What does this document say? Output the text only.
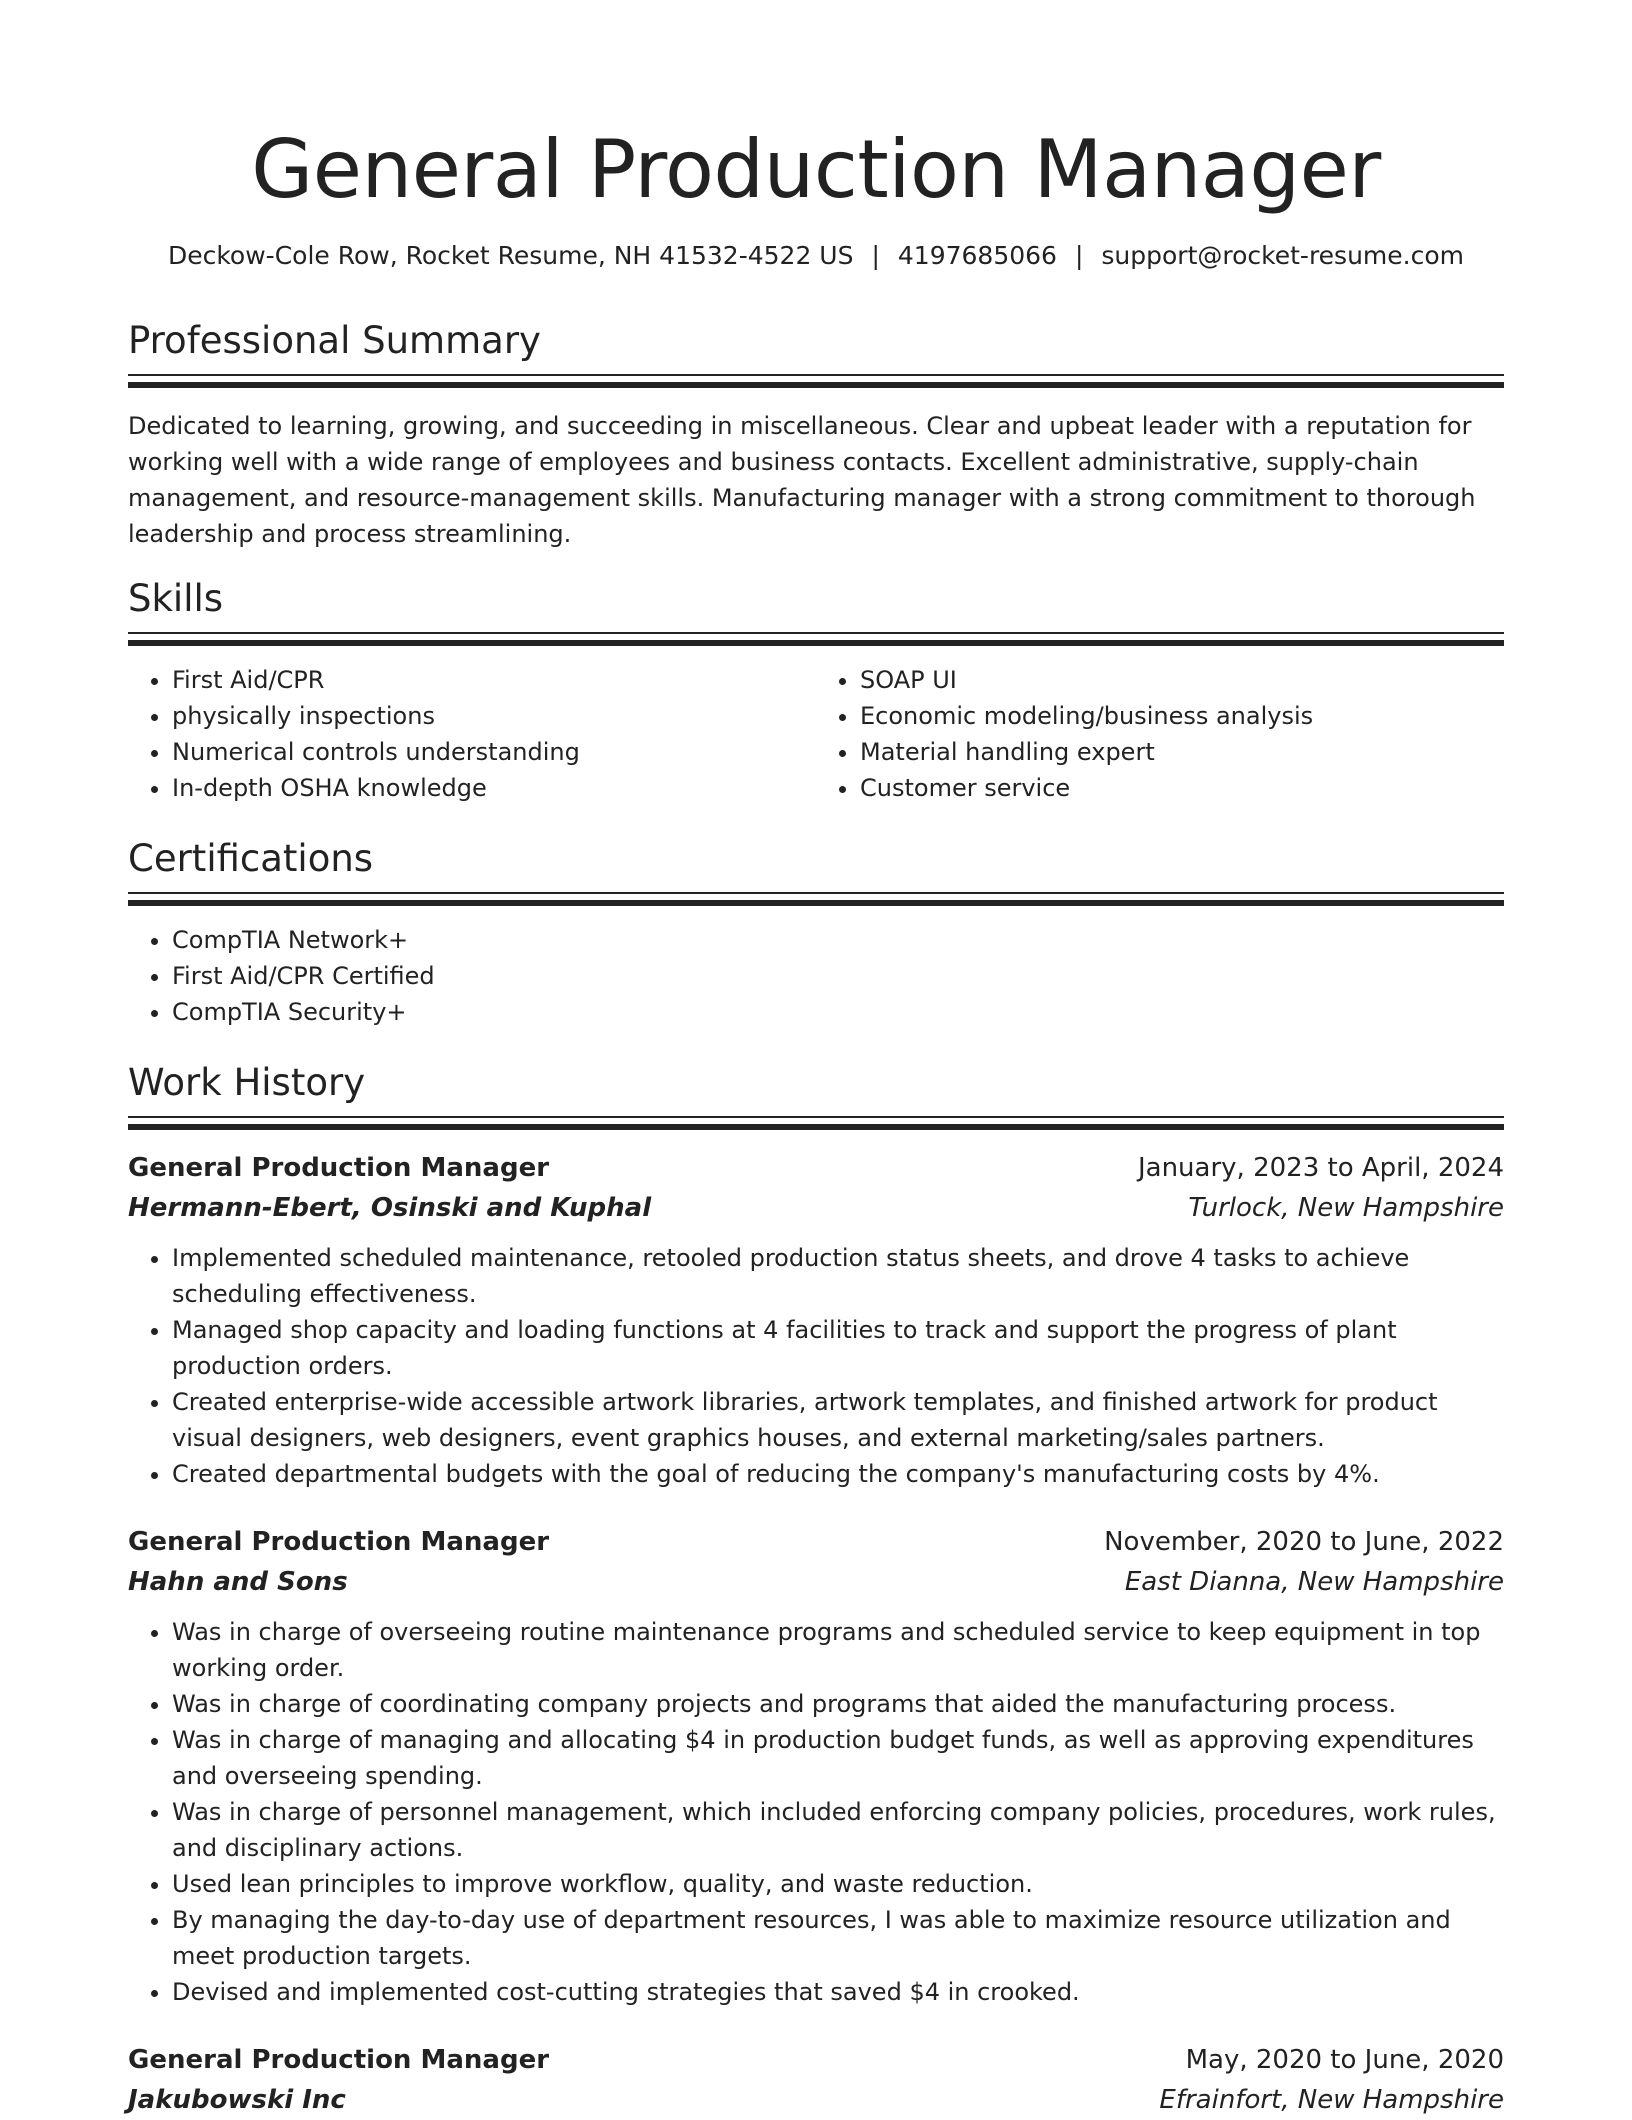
General Production Manager
Deckow-Cole Row, Rocket Resume, NH 41532-4522 US | 4197685066 | support@rocket-resume.com
Professional Summary

Dedicated to learning, growing, and succeeding in miscellaneous. Clear and upbeat leader with a reputation for working well with a wide range of employees and business contacts. Excellent administrative, supply-chain management, and resource-management skills. Manufacturing manager with a strong commitment to thorough leadership and process streamlining.

Skills
• First Aid/CPR
• physically inspections
• Numerical controls understanding
• In-depth OSHA knowledge
• SOAP UI
• Economic modeling/business analysis
• Material handling expert
• Customer service
Certifications
• CompTIA Network+
• First Aid/CPR Certified
• CompTIA Security+
Work History
General Production Manager	January, 2023 to April, 2024
Hermann-Ebert, Osinski and Kuphal	Turlock, New Hampshire
• Implemented scheduled maintenance, retooled production status sheets, and drove 4 tasks to achieve scheduling effectiveness.
• Managed shop capacity and loading functions at 4 facilities to track and support the progress of plant production orders.
• Created enterprise-wide accessible artwork libraries, artwork templates, and finished artwork for product visual designers, web designers, event graphics houses, and external marketing/sales partners.
• Created departmental budgets with the goal of reducing the company's manufacturing costs by 4%.
General Production Manager	November, 2020 to June, 2022
Hahn and Sons	East Dianna, New Hampshire
• Was in charge of overseeing routine maintenance programs and scheduled service to keep equipment in top working order.
• Was in charge of coordinating company projects and programs that aided the manufacturing process.
• Was in charge of managing and allocating $4 in production budget funds, as well as approving expenditures and overseeing spending.
• Was in charge of personnel management, which included enforcing company policies, procedures, work rules, and disciplinary actions.
• Used lean principles to improve workflow, quality, and waste reduction.
• By managing the day-to-day use of department resources, I was able to maximize resource utilization and meet production targets.
• Devised and implemented cost-cutting strategies that saved $4 in crooked.
General Production Manager	May, 2020 to June, 2020
Jakubowski Inc	Efrainfort, New Hampshire
